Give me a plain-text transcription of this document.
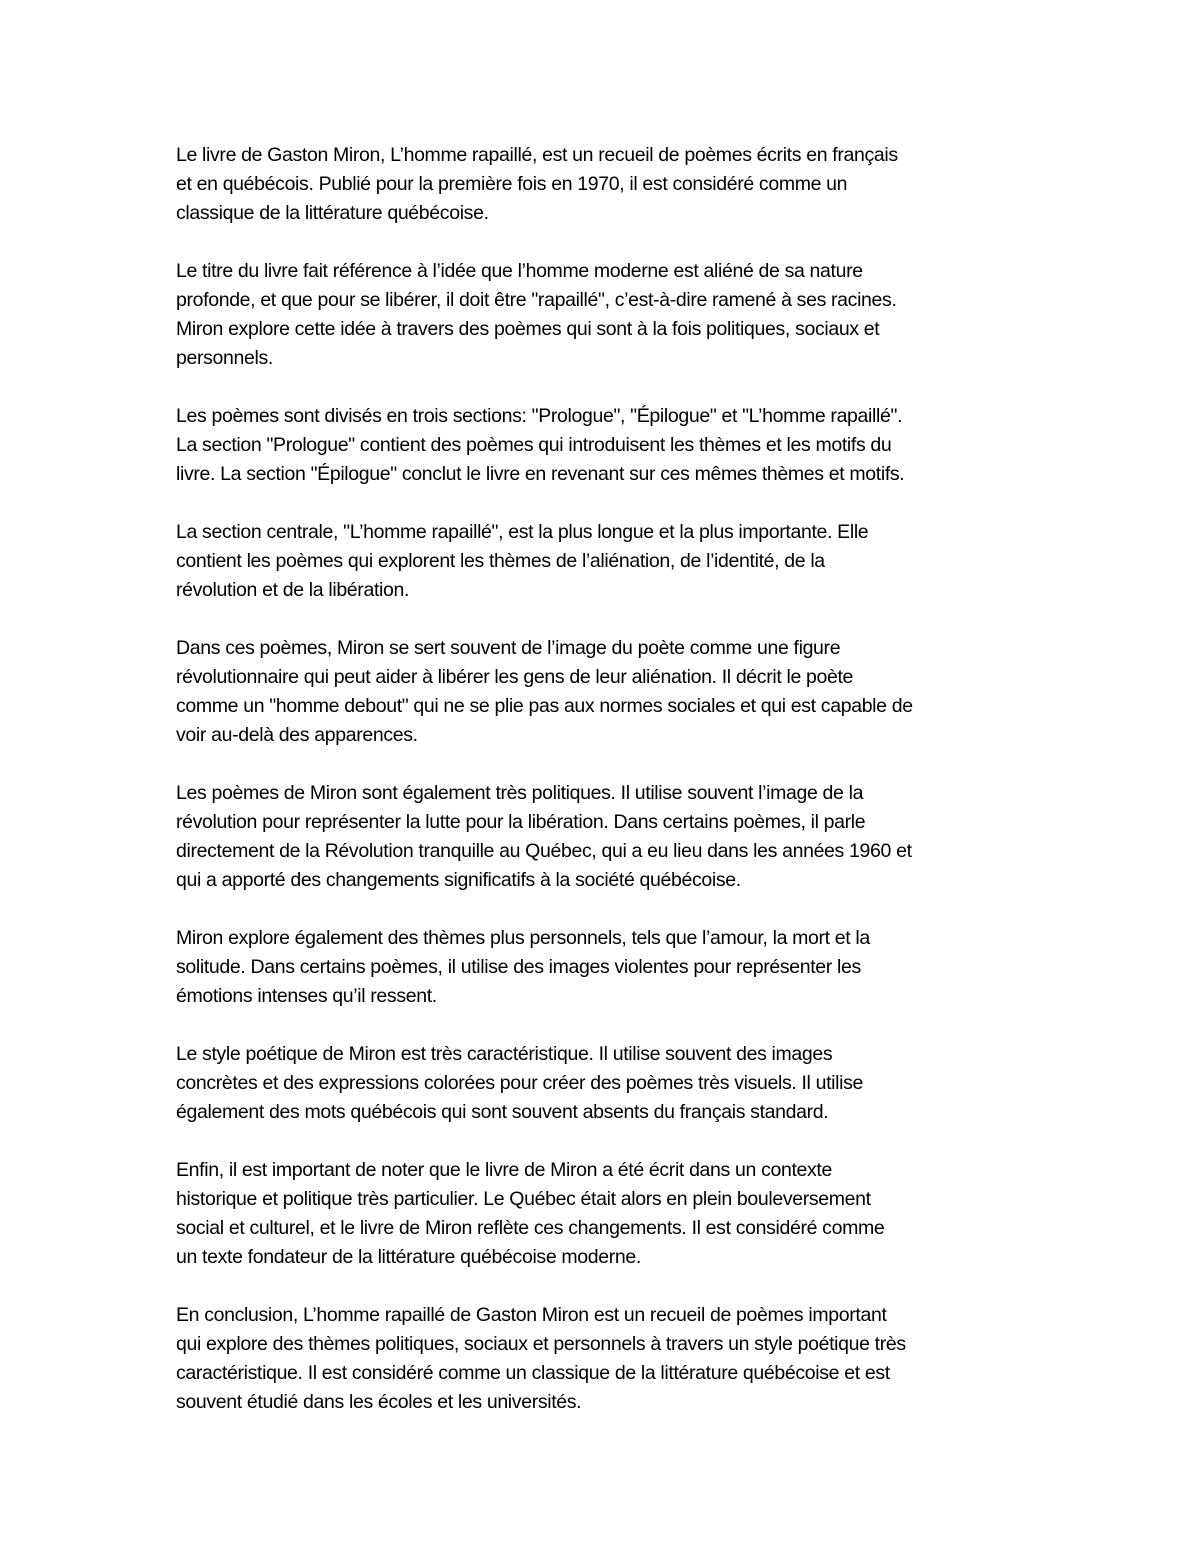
Le livre de Gaston Miron, L’homme rapaillé, est un recueil de poèmes écrits en français
et en québécois. Publié pour la première fois en 1970, il est considéré comme un
classique de la littérature québécoise.
Le titre du livre fait référence à l’idée que l’homme moderne est aliéné de sa nature
profonde, et que pour se libérer, il doit être "rapaillé", c’est-à-dire ramené à ses racines.
Miron explore cette idée à travers des poèmes qui sont à la fois politiques, sociaux et
personnels.
Les poèmes sont divisés en trois sections: "Prologue", "Épilogue" et "L’homme rapaillé".
La section "Prologue" contient des poèmes qui introduisent les thèmes et les motifs du
livre. La section "Épilogue" conclut le livre en revenant sur ces mêmes thèmes et motifs.
La section centrale, "L’homme rapaillé", est la plus longue et la plus importante. Elle
contient les poèmes qui explorent les thèmes de l’aliénation, de l’identité, de la
révolution et de la libération.
Dans ces poèmes, Miron se sert souvent de l’image du poète comme une figure
révolutionnaire qui peut aider à libérer les gens de leur aliénation. Il décrit le poète
comme un "homme debout" qui ne se plie pas aux normes sociales et qui est capable de
voir au-delà des apparences.
Les poèmes de Miron sont également très politiques. Il utilise souvent l’image de la
révolution pour représenter la lutte pour la libération. Dans certains poèmes, il parle
directement de la Révolution tranquille au Québec, qui a eu lieu dans les années 1960 et
qui a apporté des changements significatifs à la société québécoise.
Miron explore également des thèmes plus personnels, tels que l’amour, la mort et la
solitude. Dans certains poèmes, il utilise des images violentes pour représenter les
émotions intenses qu’il ressent.
Le style poétique de Miron est très caractéristique. Il utilise souvent des images
concrètes et des expressions colorées pour créer des poèmes très visuels. Il utilise
également des mots québécois qui sont souvent absents du français standard.
Enfin, il est important de noter que le livre de Miron a été écrit dans un contexte
historique et politique très particulier. Le Québec était alors en plein bouleversement
social et culturel, et le livre de Miron reflète ces changements. Il est considéré comme
un texte fondateur de la littérature québécoise moderne.
En conclusion, L’homme rapaillé de Gaston Miron est un recueil de poèmes important
qui explore des thèmes politiques, sociaux et personnels à travers un style poétique très
caractéristique. Il est considéré comme un classique de la littérature québécoise et est
souvent étudié dans les écoles et les universités.
